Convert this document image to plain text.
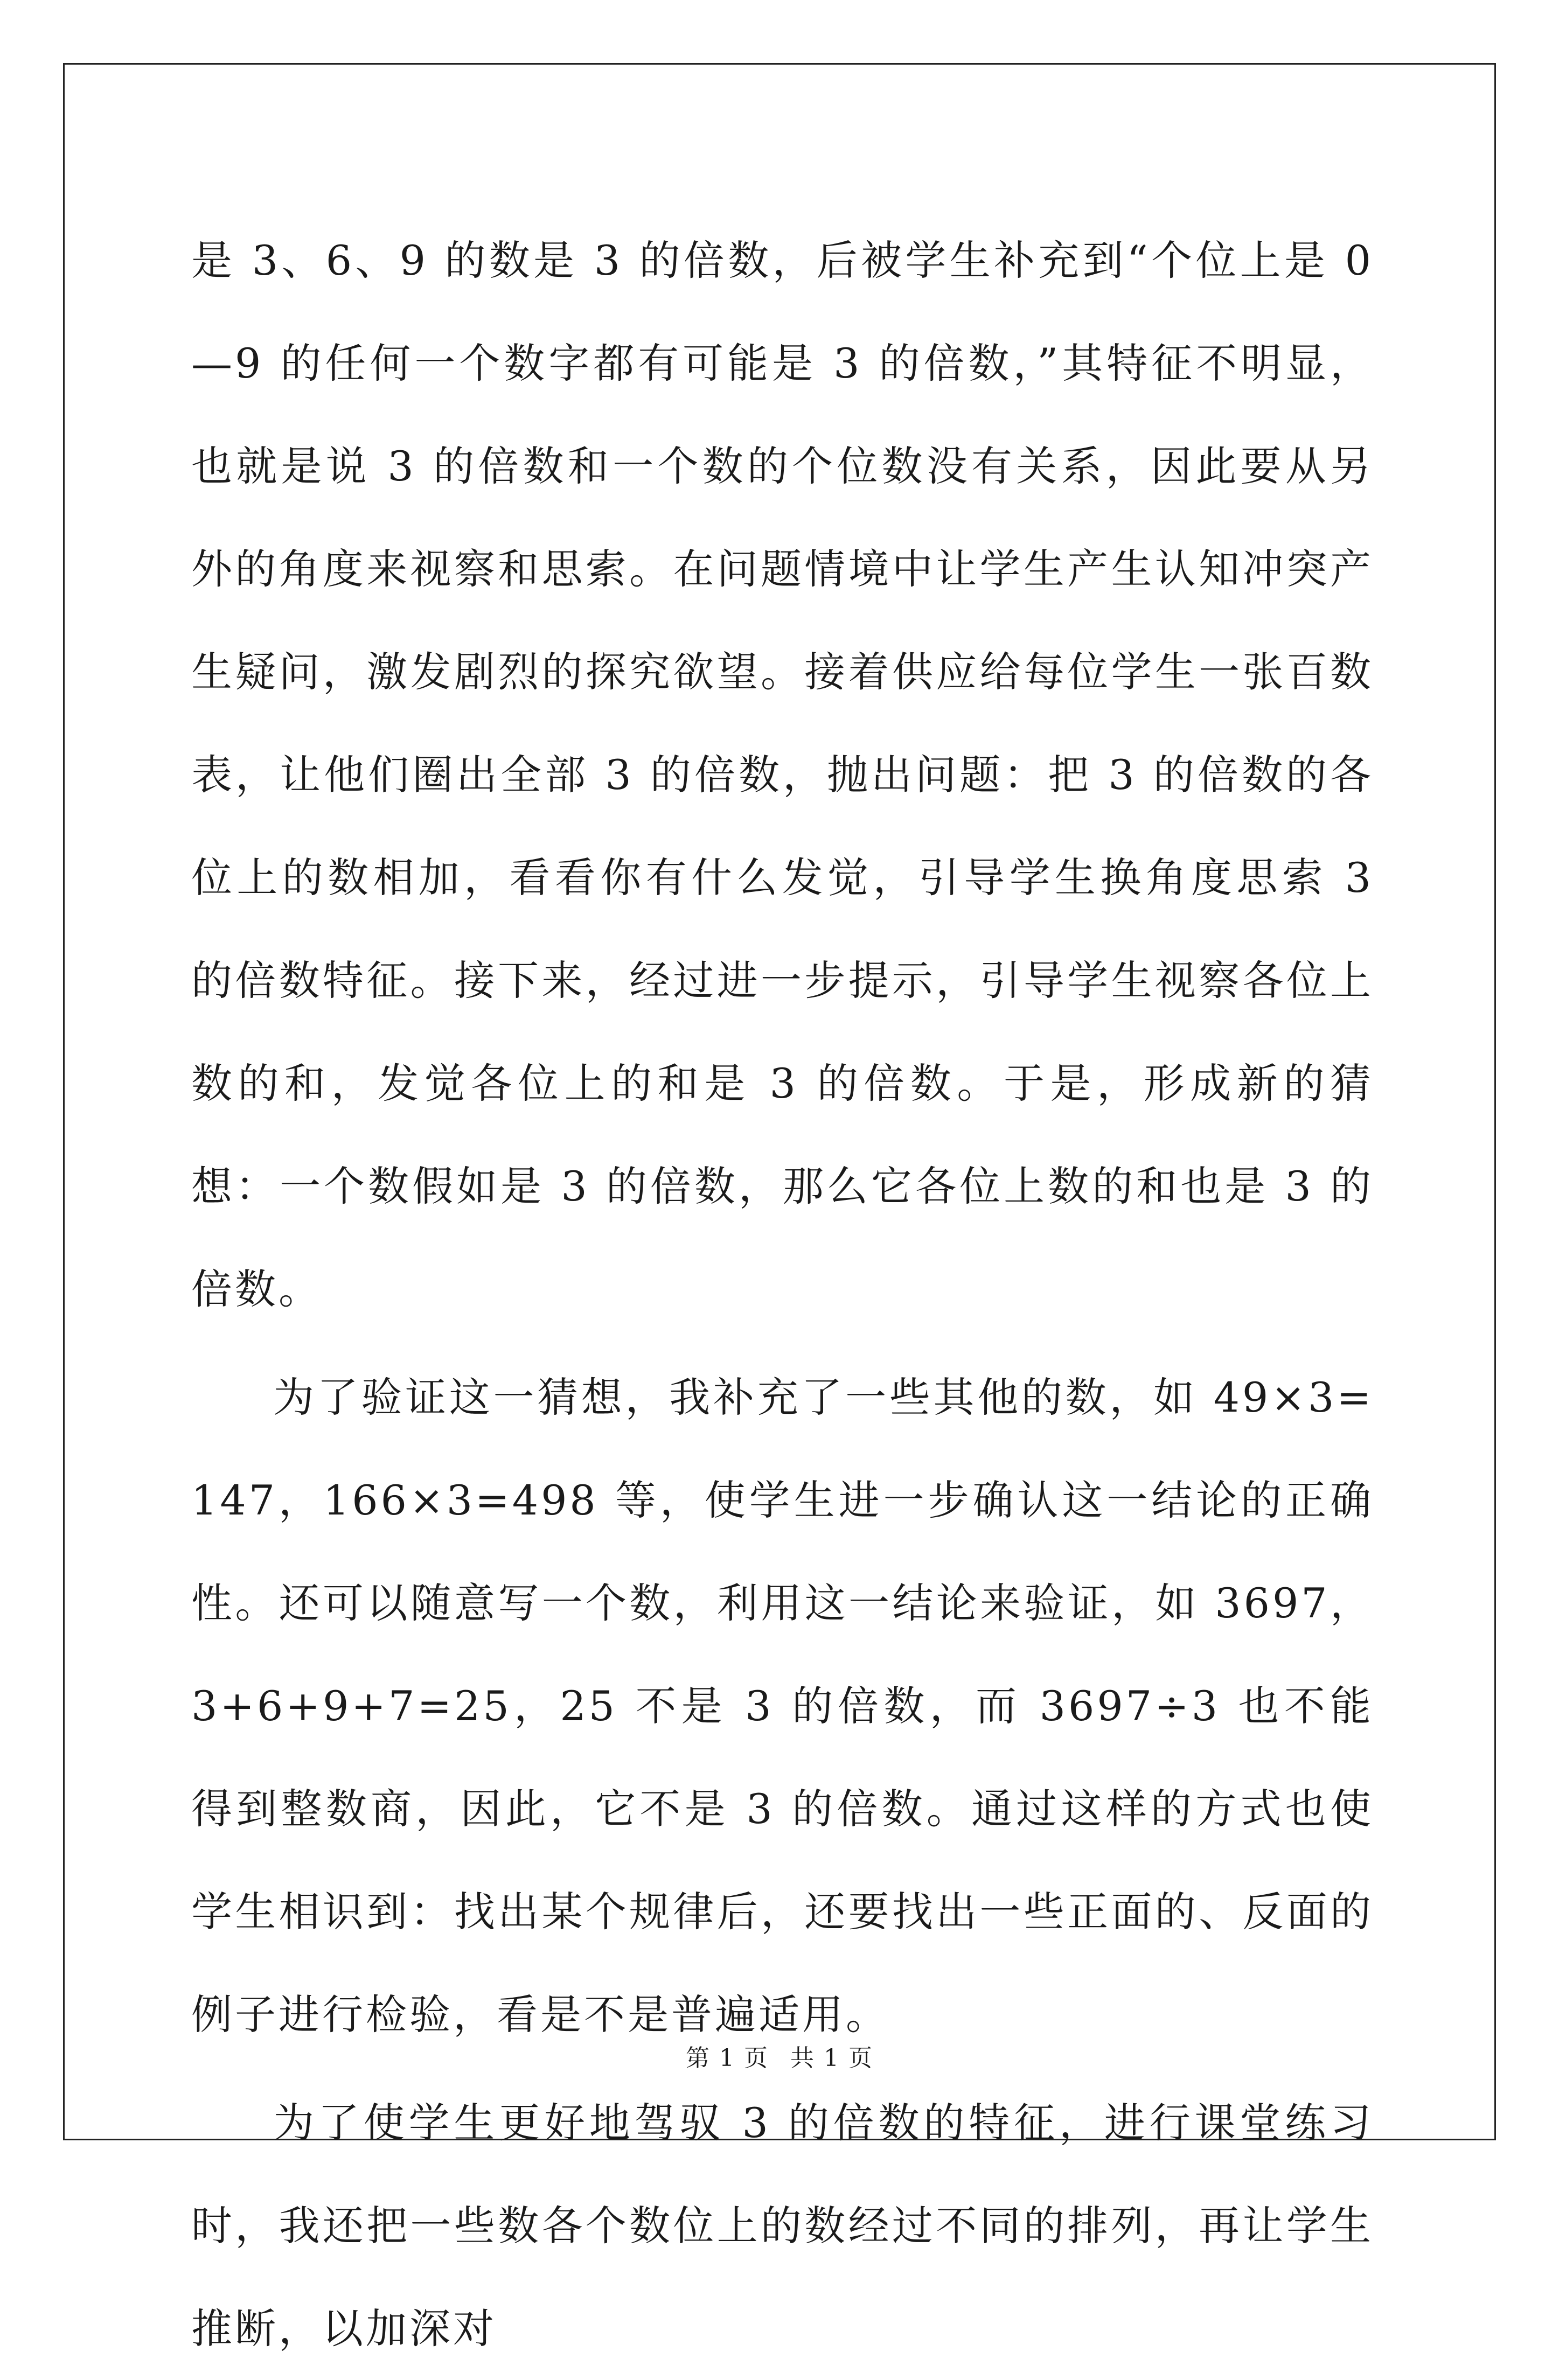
是 3、6、9 的数是 3 的倍数，后被学生补充到“个位上是 0—9 的任何一个数字都有可能是 3 的倍数，”其特征不明显，也就是说 3 的倍数和一个数的个位数没有关系，因此要从另外的角度来视察和思索。在问题情境中让学生产生认知冲突产生疑问，激发剧烈的探究欲望。接着供应给每位学生一张百数表，让他们圈出全部 3 的倍数，抛出问题：把 3 的倍数的各位上的数相加，看看你有什么发觉，引导学生换角度思索 3 的倍数特征。接下来，经过进一步提示，引导学生视察各位上数的和，发觉各位上的和是 3 的倍数。于是，形成新的猜想：一个数假如是 3 的倍数，那么它各位上数的和也是 3 的倍数。

为了验证这一猜想，我补充了一些其他的数，如 49×3=147，166×3=498 等，使学生进一步确认这一结论的正确性。还可以随意写一个数，利用这一结论来验证，如 3697，3+6+9+7=25，25 不是 3 的倍数，而 3697÷3 也不能得到整数商，因此，它不是 3 的倍数。通过这样的方式也使学生相识到：找出某个规律后，还要找出一些正面的、反面的例子进行检验，看是不是普遍适用。

为了使学生更好地驾驭 3 的倍数的特征，进行课堂练习时，我还把一些数各个数位上的数经过不同的排列，再让学生推断，以加深对

第 1 页 共 1 页
